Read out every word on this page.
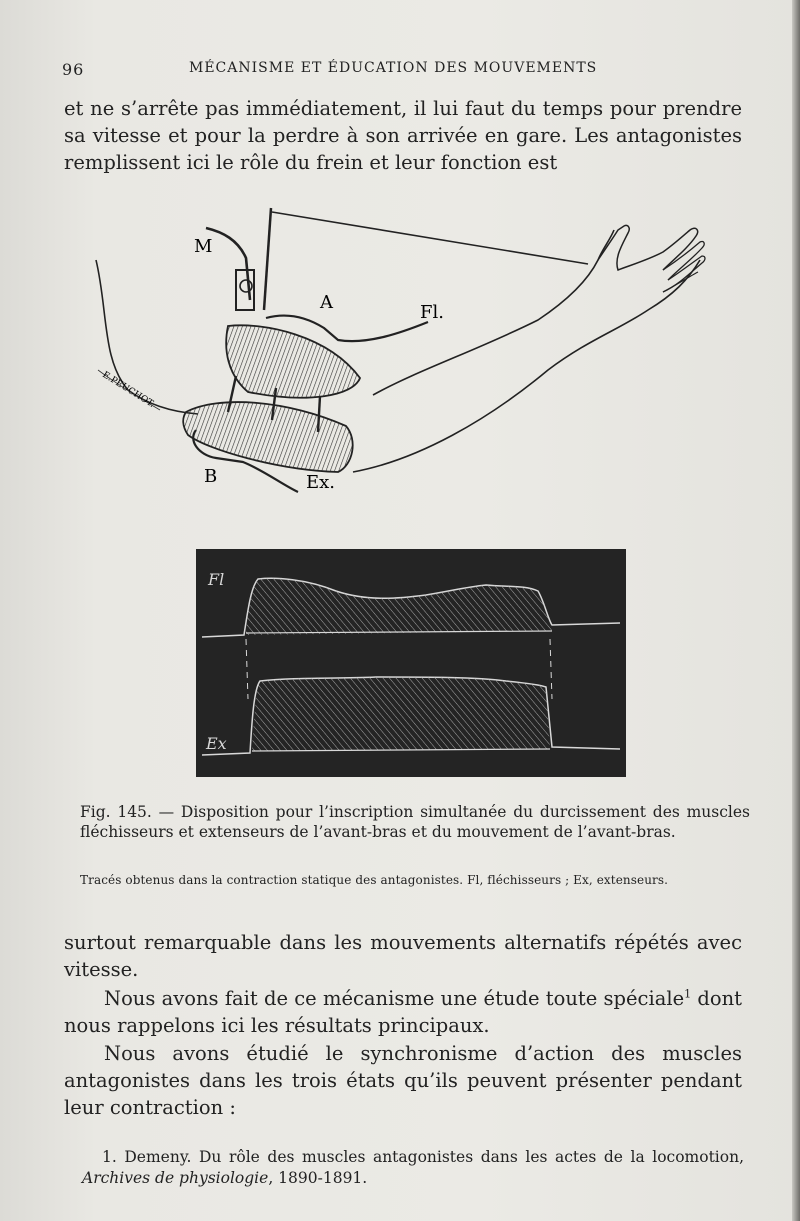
96	MÉCANISME ET ÉDUCATION DES MOUVEMENTS
et ne s’arrête pas immédiatement, il lui faut du temps pour prendre sa vitesse et pour la perdre à son arrivée en gare. Les antagonistes remplissent ici le rôle du frein et leur fonction est
M
A	Fl.
B	Ex.
E.PEUCHOT.
Fl
Ex
Fig. 145. — Disposition pour l’inscription simultanée du durcissement des muscles fléchisseurs et extenseurs de l’avant-bras et du mouvement de l’avant-bras.
Tracés obtenus dans la contraction statique des antagonistes. Fl, fléchisseurs ; Ex, extenseurs.
surtout remarquable dans les mouvements alternatifs répétés avec vitesse.
Nous avons fait de ce mécanisme une étude toute spéciale$^1$ dont nous rappelons ici les résultats principaux.
Nous avons étudié le synchronisme d’action des muscles antagonistes dans les trois états qu’ils peuvent présenter pendant leur contraction :
1. Demeny. Du rôle des muscles antagonistes dans les actes de la locomotion, Archives de physiologie, 1890-1891.
